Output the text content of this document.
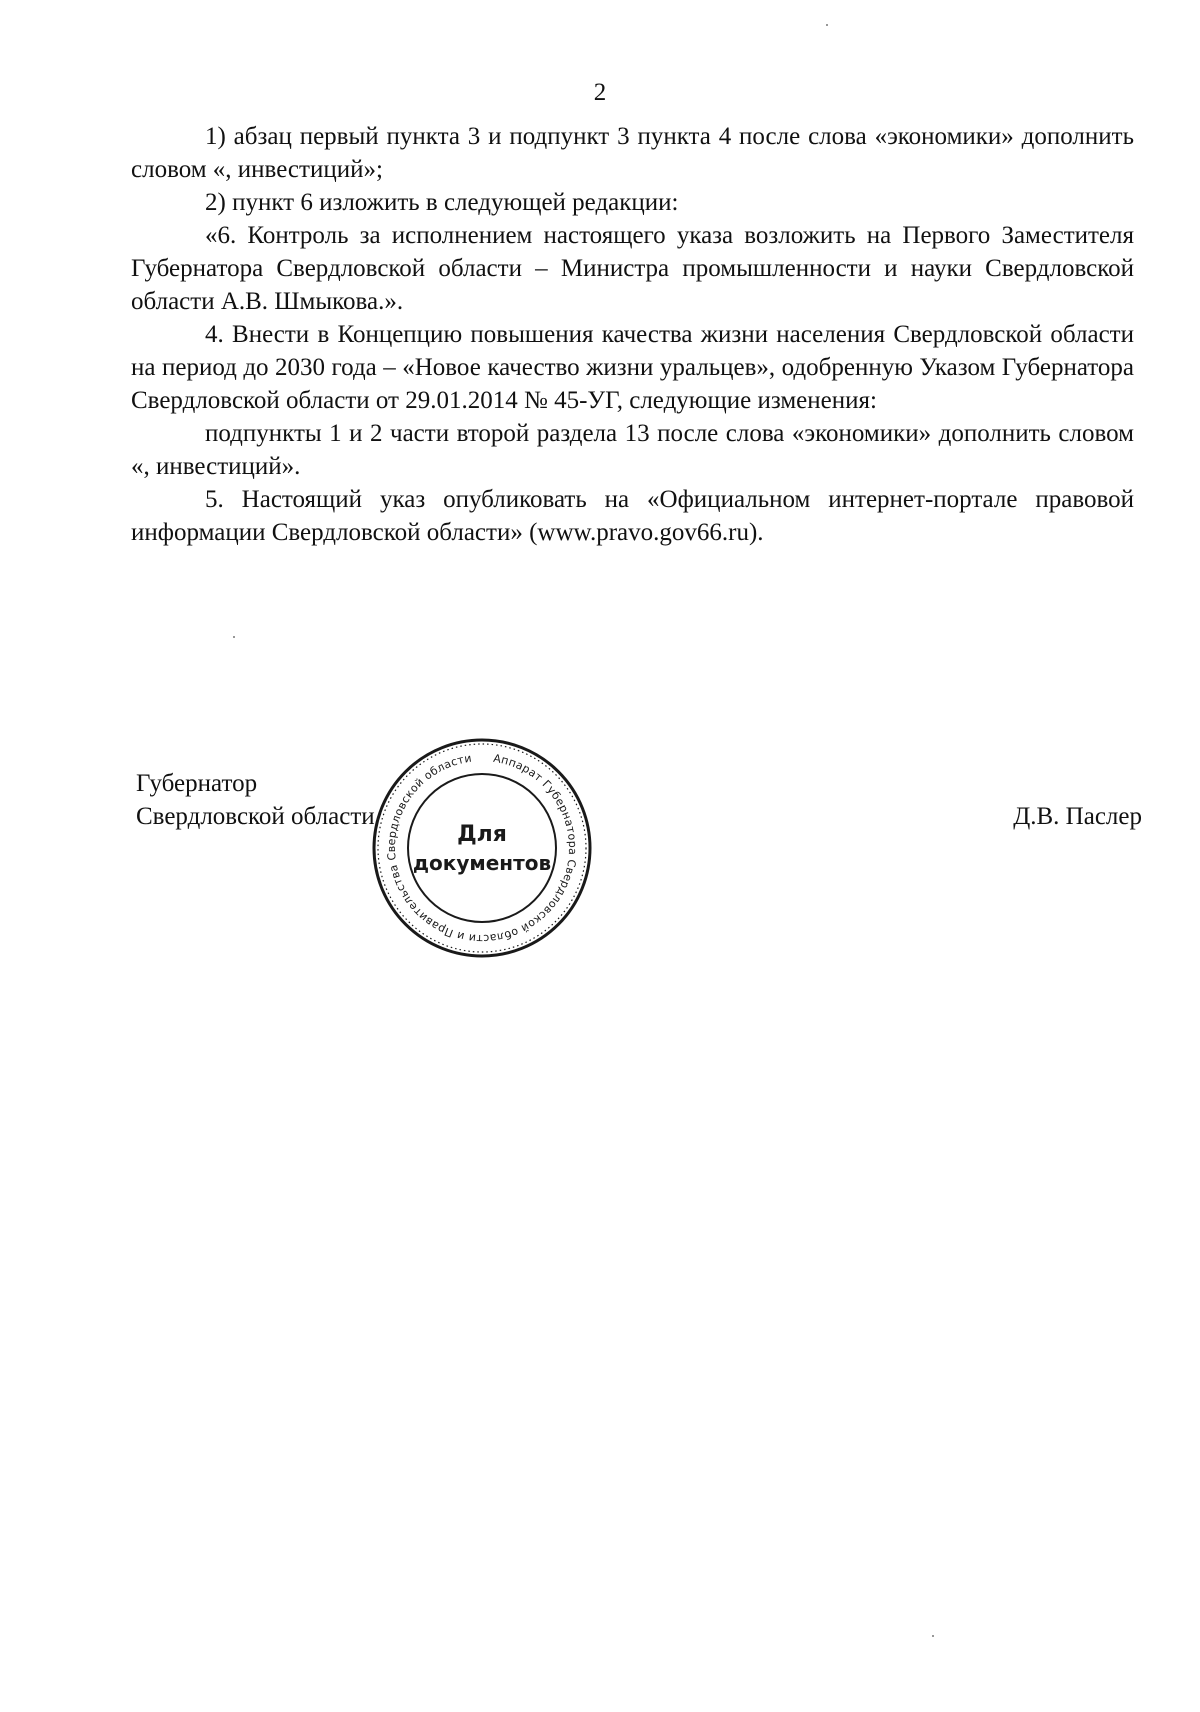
2

1) абзац первый пункта 3 и подпункт 3 пункта 4 после слова «экономики» дополнить словом «, инвестиций»;

2) пункт 6 изложить в следующей редакции:

«6. Контроль за исполнением настоящего указа возложить на Первого Заместителя Губернатора Свердловской области – Министра промышленности и науки Свердловской области А.В. Шмыкова.».

4. Внести в Концепцию повышения качества жизни населения Свердловской области на период до 2030 года – «Новое качество жизни уральцев», одобренную Указом Губернатора Свердловской области от 29.01.2014 № 45-УГ, следующие изменения:

подпункты 1 и 2 части второй раздела 13 после слова «экономики» дополнить словом «, инвестиций».

5. Настоящий указ опубликовать на «Официальном интернет-портале правовой информации Свердловской области» (www.pravo.gov66.ru).

Губернатор
Свердловской области	Д.В. Паслер
Аппарат Губернатора Свердловской области и Правительства Свердловской области
Для
документов
